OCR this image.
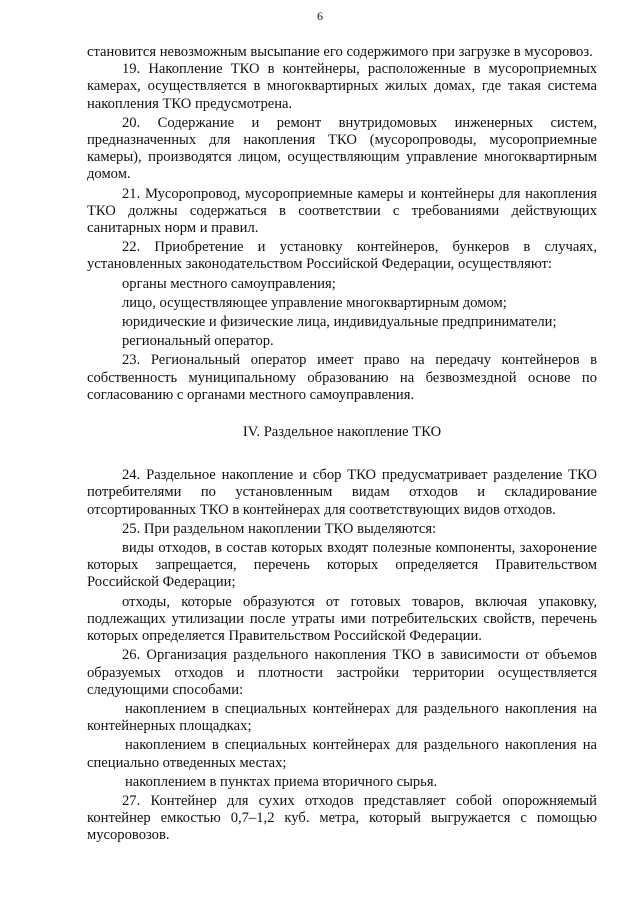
6

становится невозможным высыпание его содержимого при загрузке в мусоровоз.

19. Накопление ТКО в контейнеры, расположенные в мусороприемных камерах, осуществляется в многоквартирных жилых домах, где такая система накопления ТКО предусмотрена.

20. Содержание и ремонт внутридомовых инженерных систем, предназначенных для накопления ТКО (мусоропроводы, мусороприемные камеры), производятся лицом, осуществляющим управление многоквартирным домом.

21. Мусоропровод, мусороприемные камеры и контейнеры для накопления ТКО должны содержаться в соответствии с требованиями действующих санитарных норм и правил.

22. Приобретение и установку контейнеров, бункеров в случаях, установленных законодательством Российской Федерации, осуществляют:

органы местного самоуправления;

лицо, осуществляющее управление многоквартирным домом;

юридические и физические лица, индивидуальные предприниматели;

региональный оператор.

23. Региональный оператор имеет право на передачу контейнеров в собственность муниципальному образованию на безвозмездной основе по согласованию с органами местного самоуправления.

IV. Раздельное накопление ТКО

24. Раздельное накопление и сбор ТКО предусматривает разделение ТКО потребителями по установленным видам отходов и складирование отсортированных ТКО в контейнерах для соответствующих видов отходов.

25. При раздельном накоплении ТКО выделяются:

виды отходов, в состав которых входят полезные компоненты, захоронение которых запрещается, перечень которых определяется Правительством Российской Федерации;

отходы, которые образуются от готовых товаров, включая упаковку, подлежащих утилизации после утраты ими потребительских свойств, перечень которых определяется Правительством Российской Федерации.

26. Организация раздельного накопления ТКО в зависимости от объемов образуемых отходов и плотности застройки территории осуществляется следующими способами:

накоплением в специальных контейнерах для раздельного накопления на контейнерных площадках;

накоплением в специальных контейнерах для раздельного накопления на специально отведенных местах;

накоплением в пунктах приема вторичного сырья.

27. Контейнер для сухих отходов представляет собой опорожняемый контейнер емкостью 0,7–1,2 куб. метра, который выгружается с помощью мусоровозов.
